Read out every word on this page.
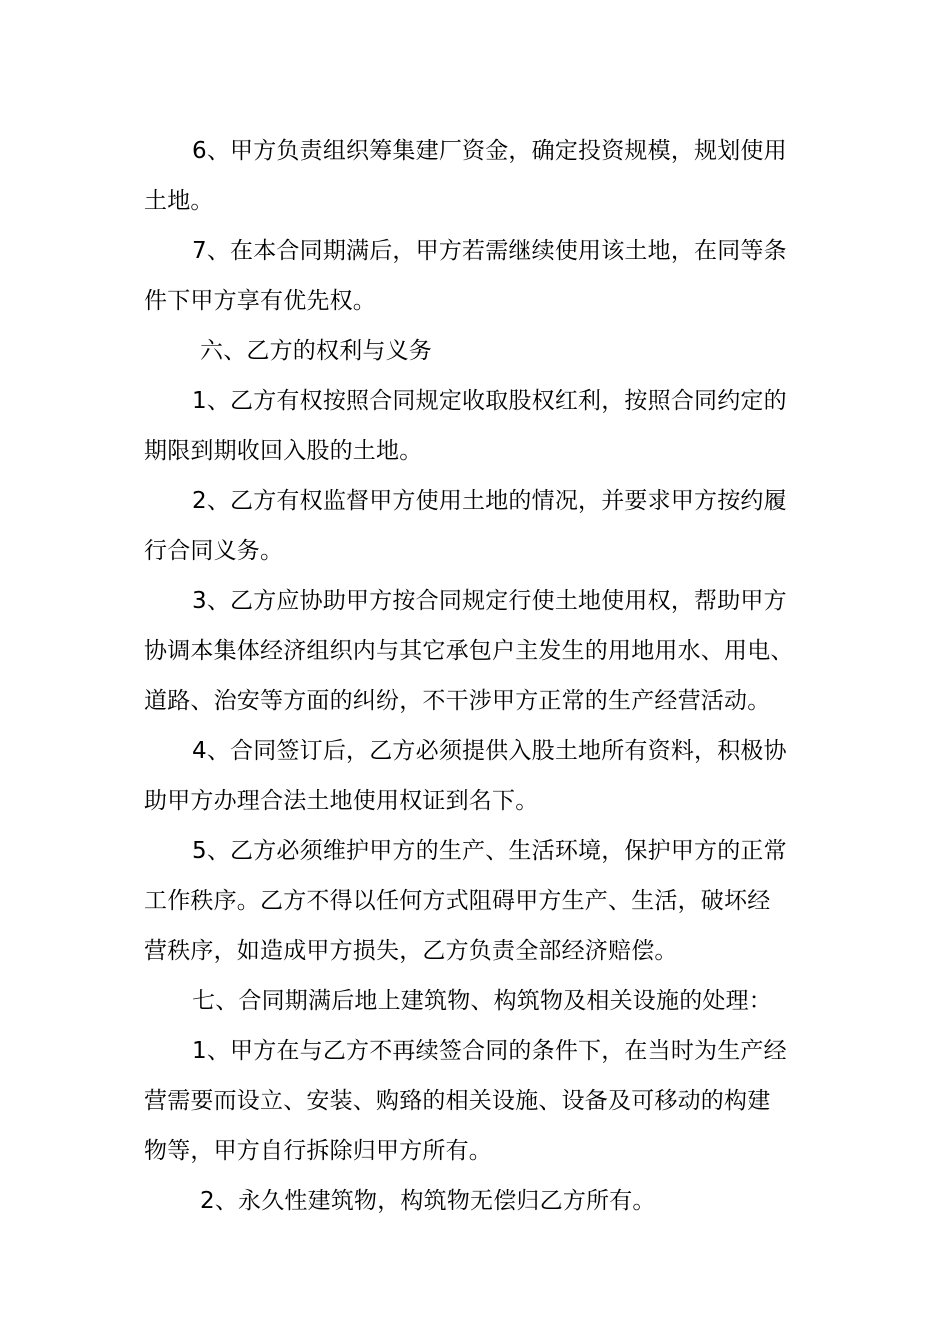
6、甲方负责组织筹集建厂资金，确定投资规模，规划使用
土地。
7、在本合同期满后，甲方若需继续使用该土地，在同等条
件下甲方享有优先权。
六、乙方的权利与义务
1、乙方有权按照合同规定收取股权红利，按照合同约定的
期限到期收回入股的土地。
2、乙方有权监督甲方使用土地的情况，并要求甲方按约履
行合同义务。
3、乙方应协助甲方按合同规定行使土地使用权，帮助甲方
协调本集体经济组织内与其它承包户主发生的用地用水、用电、
道路、治安等方面的纠纷，不干涉甲方正常的生产经营活动。
4、合同签订后，乙方必须提供入股土地所有资料，积极协
助甲方办理合法土地使用权证到名下。
5、乙方必须维护甲方的生产、生活环境，保护甲方的正常
工作秩序。乙方不得以任何方式阻碍甲方生产、生活，破坏经
营秩序，如造成甲方损失，乙方负责全部经济赔偿。
七、合同期满后地上建筑物、构筑物及相关设施的处理：
1、甲方在与乙方不再续签合同的条件下，在当时为生产经
营需要而设立、安装、购臵的相关设施、设备及可移动的构建
物等，甲方自行拆除归甲方所有。
2、永久性建筑物，构筑物无偿归乙方所有。
